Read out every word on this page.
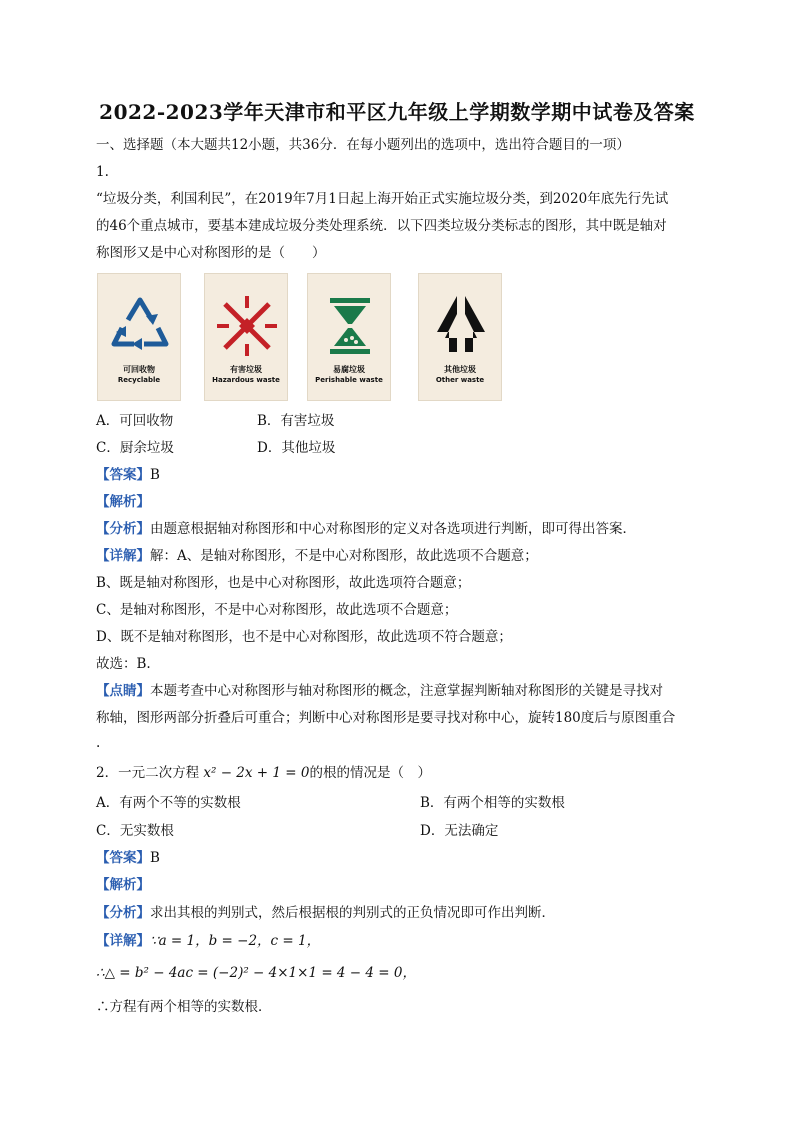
2022-2023学年天津市和平区九年级上学期数学期中试卷及答案
一、选择题（本大题共12小题，共36分．在每小题列出的选项中，选出符合题目的一项）
1.
“垃圾分类，利国利民”，在2019年7月1日起上海开始正式实施垃圾分类，到2020年底先行先试
的46个重点城市，要基本建成垃圾分类处理系统．以下四类垃圾分类标志的图形，其中既是轴对
称图形又是中心对称图形的是（　　）
可回收物
Recyclable
有害垃圾
Hazardous waste
易腐垃圾
Perishable waste
其他垃圾
Other waste
A．可回收物	B．有害垃圾
C．厨余垃圾	D．其他垃圾
【答案】B
【解析】
【分析】由题意根据轴对称图形和中心对称图形的定义对各选项进行判断，即可得出答案．
【详解】解：A、是轴对称图形，不是中心对称图形，故此选项不合题意；
B、既是轴对称图形，也是中心对称图形，故此选项符合题意；
C、是轴对称图形，不是中心对称图形，故此选项不合题意；
D、既不是轴对称图形，也不是中心对称图形，故此选项不符合题意；
故选：B.
【点睛】本题考查中心对称图形与轴对称图形的概念，注意掌握判断轴对称图形的关键是寻找对
称轴，图形两部分折叠后可重合；判断中心对称图形是要寻找对称中心，旋转180度后与原图重合
.
2．一元二次方程 x² − 2x + 1 = 0的根的情况是（　）
A．有两个不等的实数根	B．有两个相等的实数根
C．无实数根	D．无法确定
【答案】B
【解析】
【分析】求出其根的判别式，然后根据根的判别式的正负情况即可作出判断．
【详解】∵a = 1，b = −2，c = 1，
∴△ = b² − 4ac = (−2)² − 4×1×1 = 4 − 4 = 0，
∴方程有两个相等的实数根．
